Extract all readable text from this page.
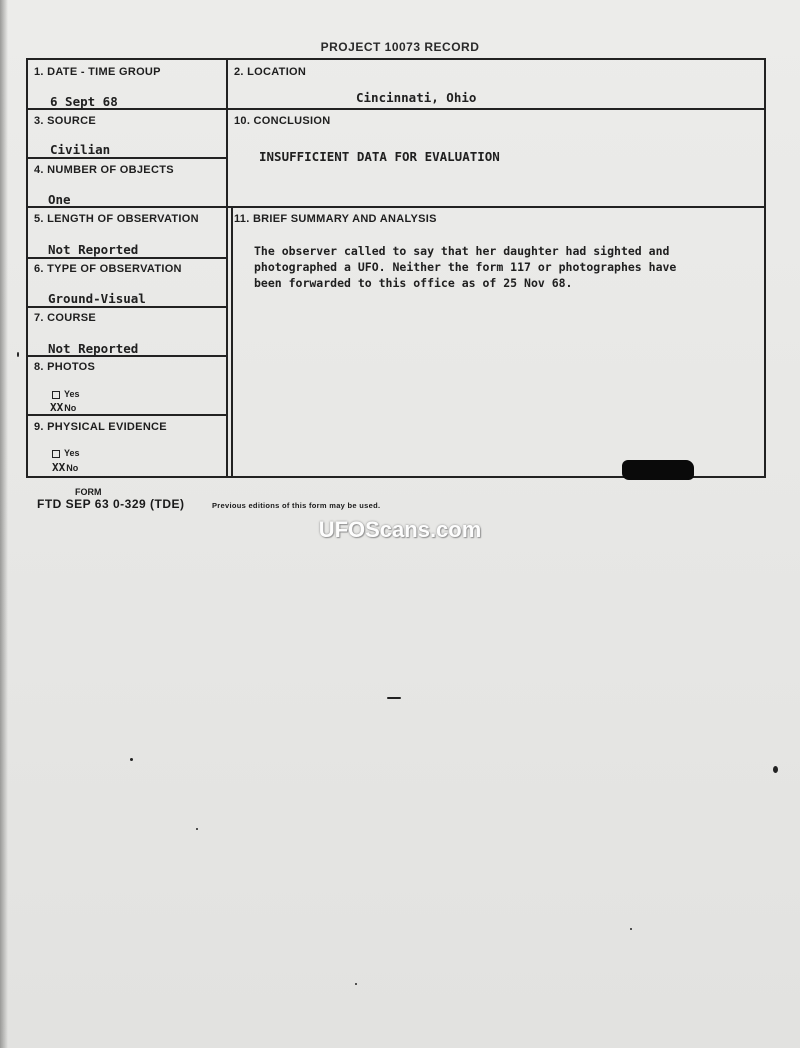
PROJECT 10073 RECORD
1. DATE - TIME GROUP
6 Sept 68
2. LOCATION
Cincinnati, Ohio
3. SOURCE
Civilian
10. CONCLUSION
INSUFFICIENT DATA FOR EVALUATION
4. NUMBER OF OBJECTS
One
5. LENGTH OF OBSERVATION
Not Reported
11. BRIEF SUMMARY AND ANALYSIS
6. TYPE OF OBSERVATION
Ground-Visual
7. COURSE
Not Reported
8. PHOTOS
Yes
XXNo
9. PHYSICAL EVIDENCE
Yes
XXNo
The observer called to say that her daughter had sighted and
photographed a UFO. Neither the form 117 or photographes have
been forwarded to this office as of 25 Nov 68.
FORM
FTD SEP 63 0-329 (TDE)	Previous editions of this form may be used.
UFOScans.com
